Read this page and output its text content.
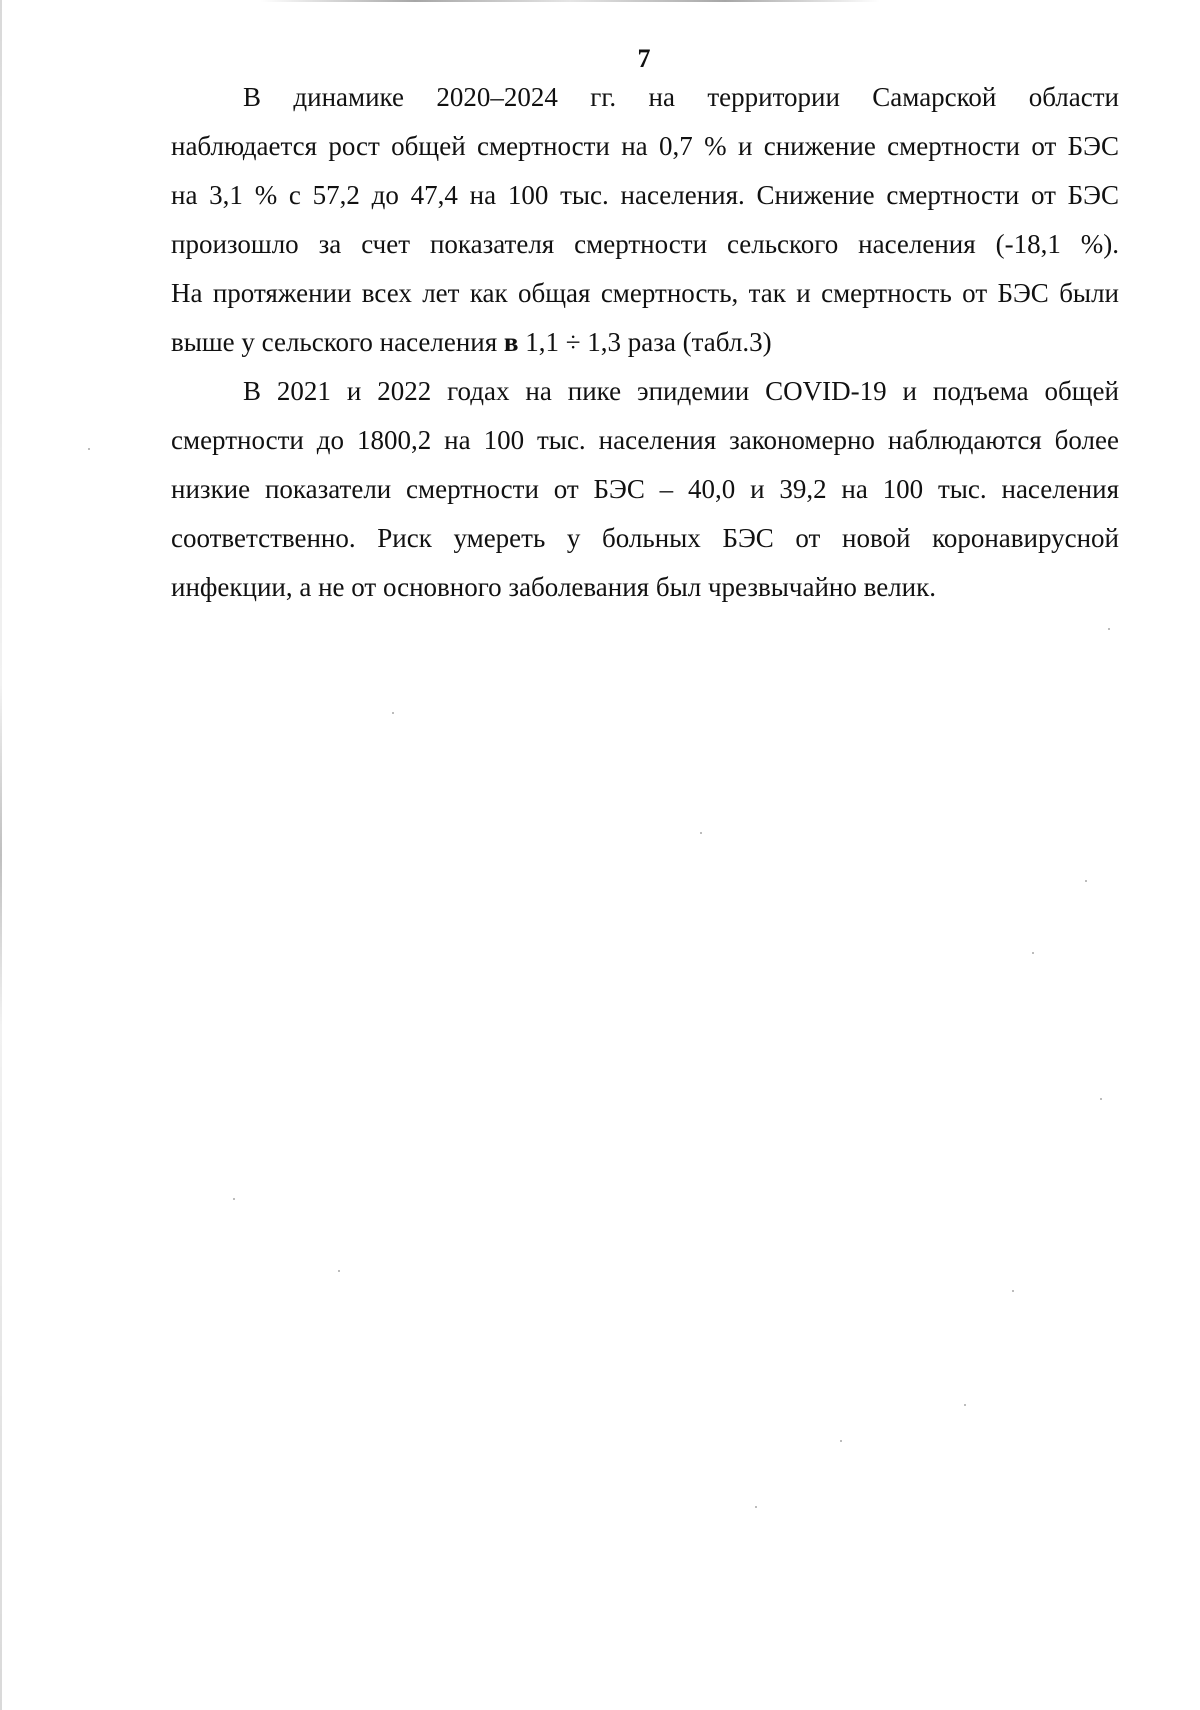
7

В динамике 2020–2024 гг. на территории Самарской области
наблюдается рост общей смертности на 0,7 % и снижение смертности от БЭС
на 3,1 % с 57,2 до 47,4 на 100 тыс. населения. Снижение смертности от БЭС
произошло за счет показателя смертности сельского населения (-18,1 %).
На протяжении всех лет как общая смертность, так и смертность от БЭС были
выше у сельского населения в 1,1 ÷ 1,3 раза (табл.3)

В 2021 и 2022 годах на пике эпидемии COVID-19 и подъема общей
смертности до 1800,2 на 100 тыс. населения закономерно наблюдаются более
низкие показатели смертности от БЭС – 40,0 и 39,2 на 100 тыс. населения
соответственно. Риск умереть у больных БЭС от новой коронавирусной
инфекции, а не от основного заболевания был чрезвычайно велик.
